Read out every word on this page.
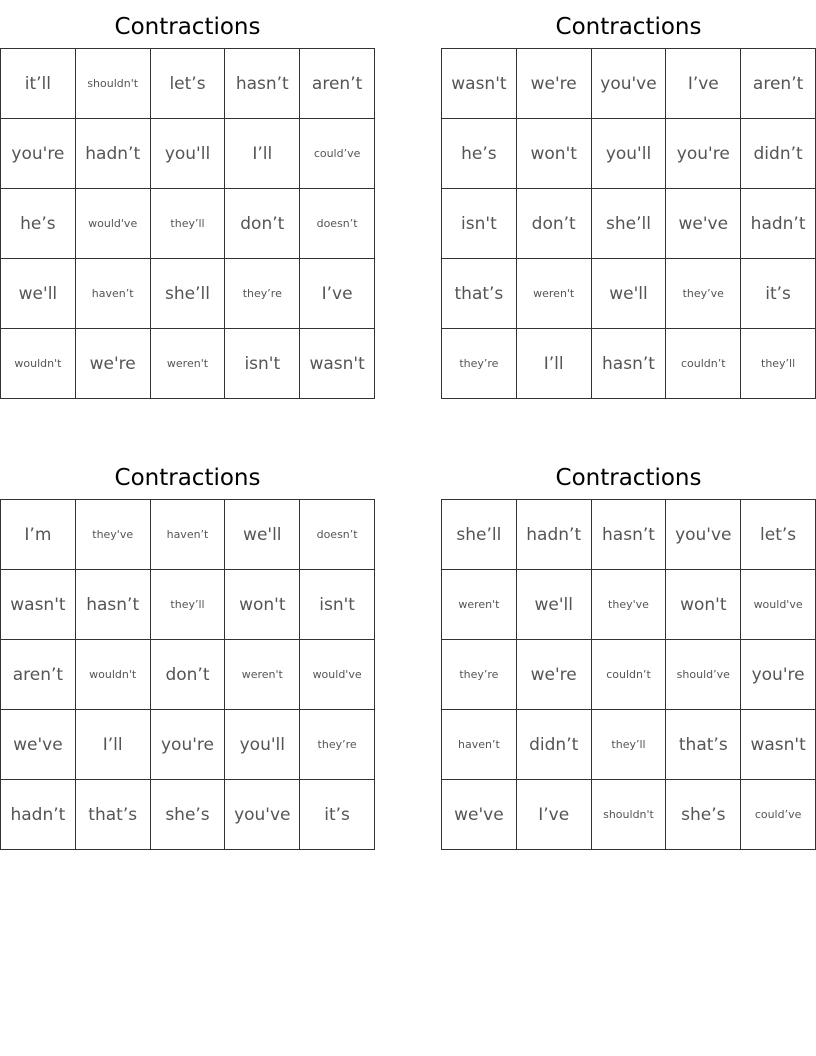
Contractions
it’ll	shouldn't	let’s	hasn’t	aren’t
you're	hadn’t	you'll	I’ll	could’ve
he’s	would've	they’ll	don’t	doesn’t
we'll	haven’t	she’ll	they’re	I’ve
wouldn't	we're	weren't	isn't	wasn't
Contractions
wasn't	we're	you've	I’ve	aren’t
he’s	won't	you'll	you're	didn’t
isn't	don’t	she’ll	we've	hadn’t
that’s	weren't	we'll	they’ve	it’s
they’re	I’ll	hasn’t	couldn’t	they’ll
Contractions
I’m	they've	haven’t	we'll	doesn’t
wasn't	hasn’t	they’ll	won't	isn't
aren’t	wouldn't	don’t	weren't	would've
we've	I’ll	you're	you'll	they’re
hadn’t	that’s	she’s	you've	it’s
Contractions
she’ll	hadn’t	hasn’t	you've	let’s
weren't	we'll	they've	won't	would've
they’re	we're	couldn’t	should’ve	you're
haven’t	didn’t	they’ll	that’s	wasn't
we've	I’ve	shouldn't	she’s	could’ve
